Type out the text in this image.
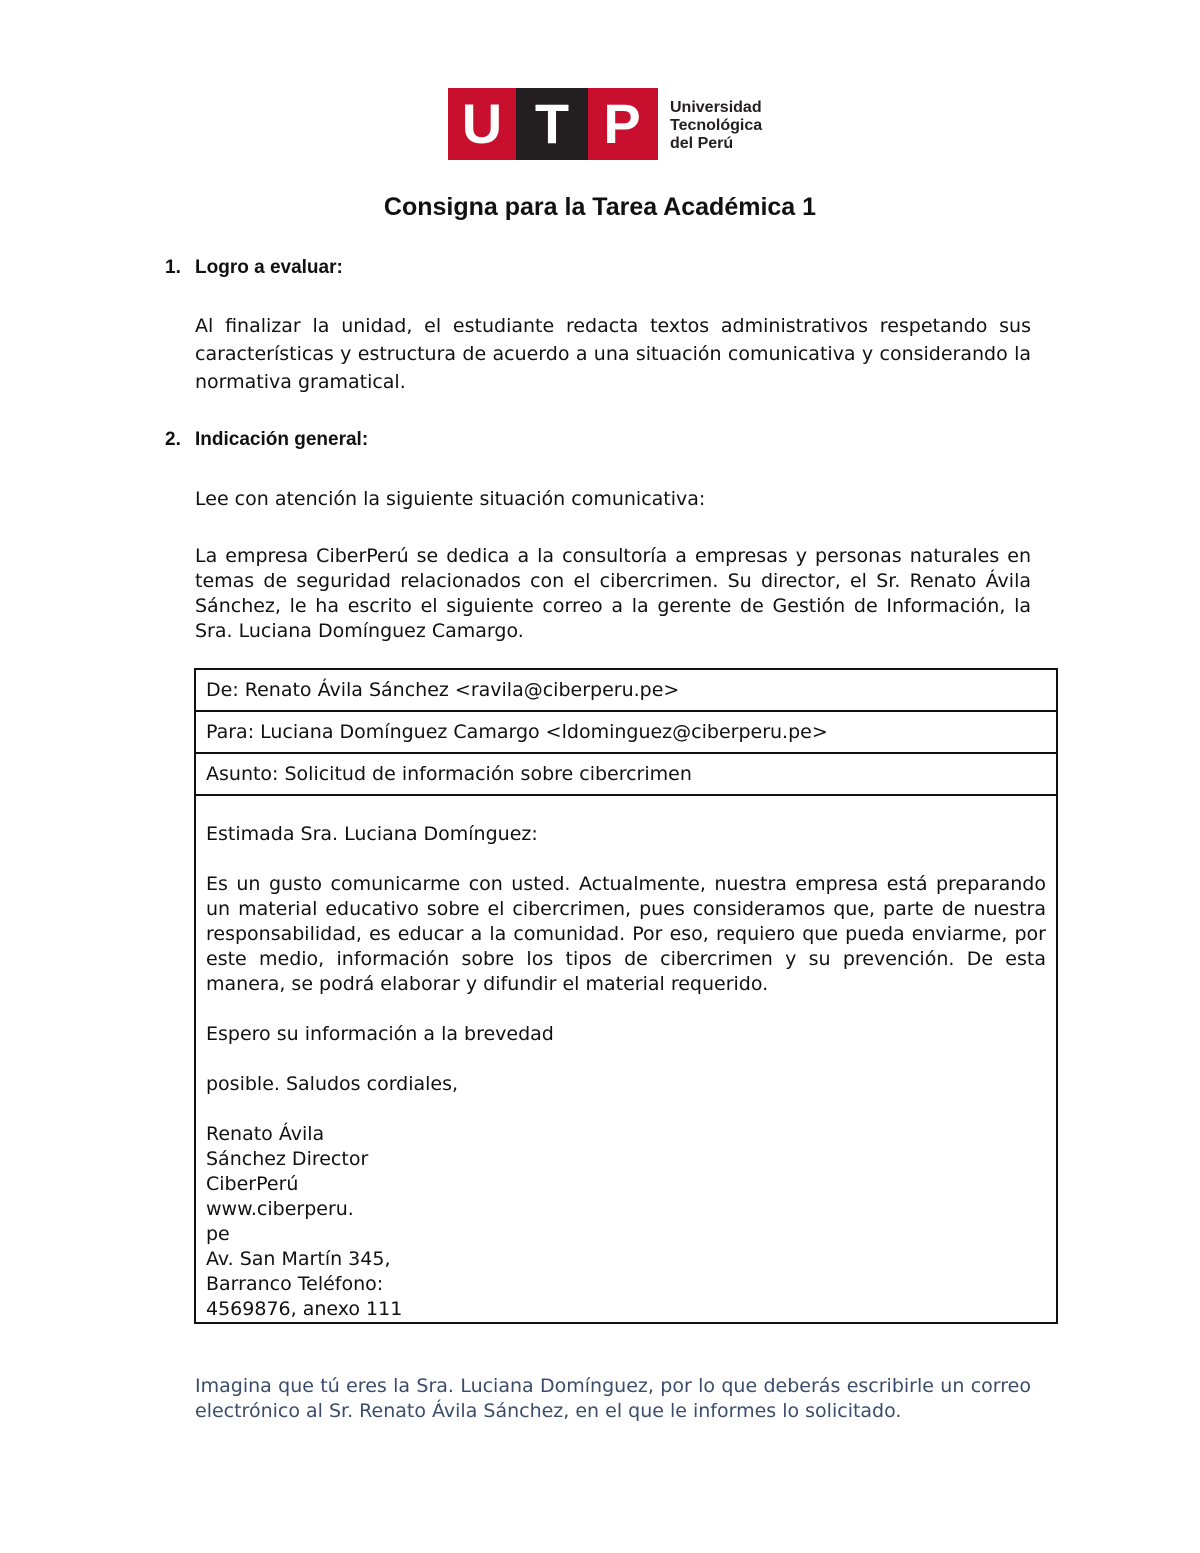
U T P Universidad
Tecnológica
del Perú
Consigna para la Tarea Académica 1
1. Logro a evaluar:
Al finalizar la unidad, el estudiante redacta textos administrativos respetando sus características y estructura de acuerdo a una situación comunicativa y considerando la normativa gramatical.
2. Indicación general:
Lee con atención la siguiente situación comunicativa:
La empresa CiberPerú se dedica a la consultoría a empresas y personas naturales en temas de seguridad relacionados con el cibercrimen. Su director, el Sr. Renato Ávila Sánchez, le ha escrito el siguiente correo a la gerente de Gestión de Información, la Sra. Luciana Domínguez Camargo.
De: Renato Ávila Sánchez <ravila@ciberperu.pe>
Para: Luciana Domínguez Camargo <ldominguez@ciberperu.pe>
Asunto: Solicitud de información sobre cibercrimen
Estimada Sra. Luciana Domínguez:
Es un gusto comunicarme con usted. Actualmente, nuestra empresa está preparando un material educativo sobre el cibercrimen, pues consideramos que, parte de nuestra responsabilidad, es educar a la comunidad. Por eso, requiero que pueda enviarme, por este medio, información sobre los tipos de cibercrimen y su prevención. De esta manera, se podrá elaborar y difundir el material requerido.
Espero su información a la brevedad
posible. Saludos cordiales,
Renato Ávila
Sánchez Director
CiberPerú
www.ciberperu.
pe
Av. San Martín 345,
Barranco Teléfono:
4569876, anexo 111
Imagina que tú eres la Sra. Luciana Domínguez, por lo que deberás escribirle un correo electrónico al Sr. Renato Ávila Sánchez, en el que le informes lo solicitado.
